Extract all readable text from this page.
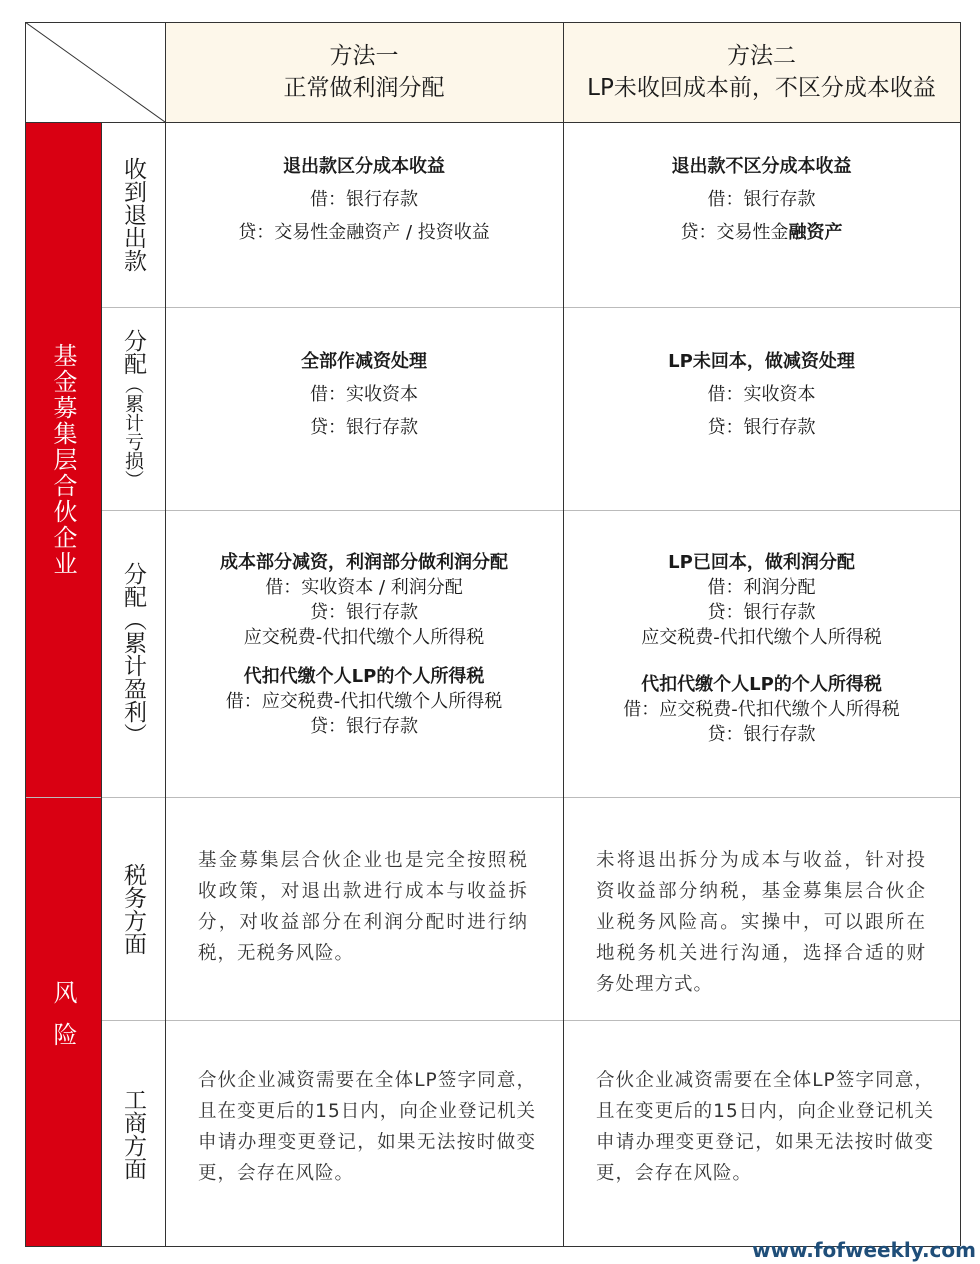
方法一
正常做利润分配
方法二
LP未收回成本前，不区分成本收益
基金募集层合伙企业
风险
收到退出款
分配
（累计亏损）
分配
（累计盈利）
税务方面
工商方面
退出款区分成本收益
借：银行存款
贷：交易性金融资产 / 投资收益
退出款不区分成本收益
借：银行存款
贷：交易性金融资产
全部作减资处理
借：实收资本
贷：银行存款
LP未回本，做减资处理
借：实收资本
贷：银行存款
成本部分减资，利润部分做利润分配
借：实收资本 / 利润分配
贷：银行存款
应交税费-代扣代缴个人所得税
代扣代缴个人LP的个人所得税
借：应交税费-代扣代缴个人所得税
贷：银行存款
LP已回本，做利润分配
借：利润分配
贷：银行存款
应交税费-代扣代缴个人所得税
代扣代缴个人LP的个人所得税
借：应交税费-代扣代缴个人所得税
贷：银行存款
基金募集层合伙企业也是完全按照税收政策，对退出款进行成本与收益拆分，对收益部分在利润分配时进行纳税，无税务风险。
未将退出拆分为成本与收益，针对投资收益部分纳税，基金募集层合伙企业税务风险高。实操中，可以跟所在地税务机关进行沟通，选择合适的财务处理方式。
合伙企业减资需要在全体LP签字同意，且在变更后的15日内，向企业登记机关申请办理变更登记，如果无法按时做变更，会存在风险。
合伙企业减资需要在全体LP签字同意，且在变更后的15日内，向企业登记机关申请办理变更登记，如果无法按时做变更，会存在风险。
www.fofweekly.com
